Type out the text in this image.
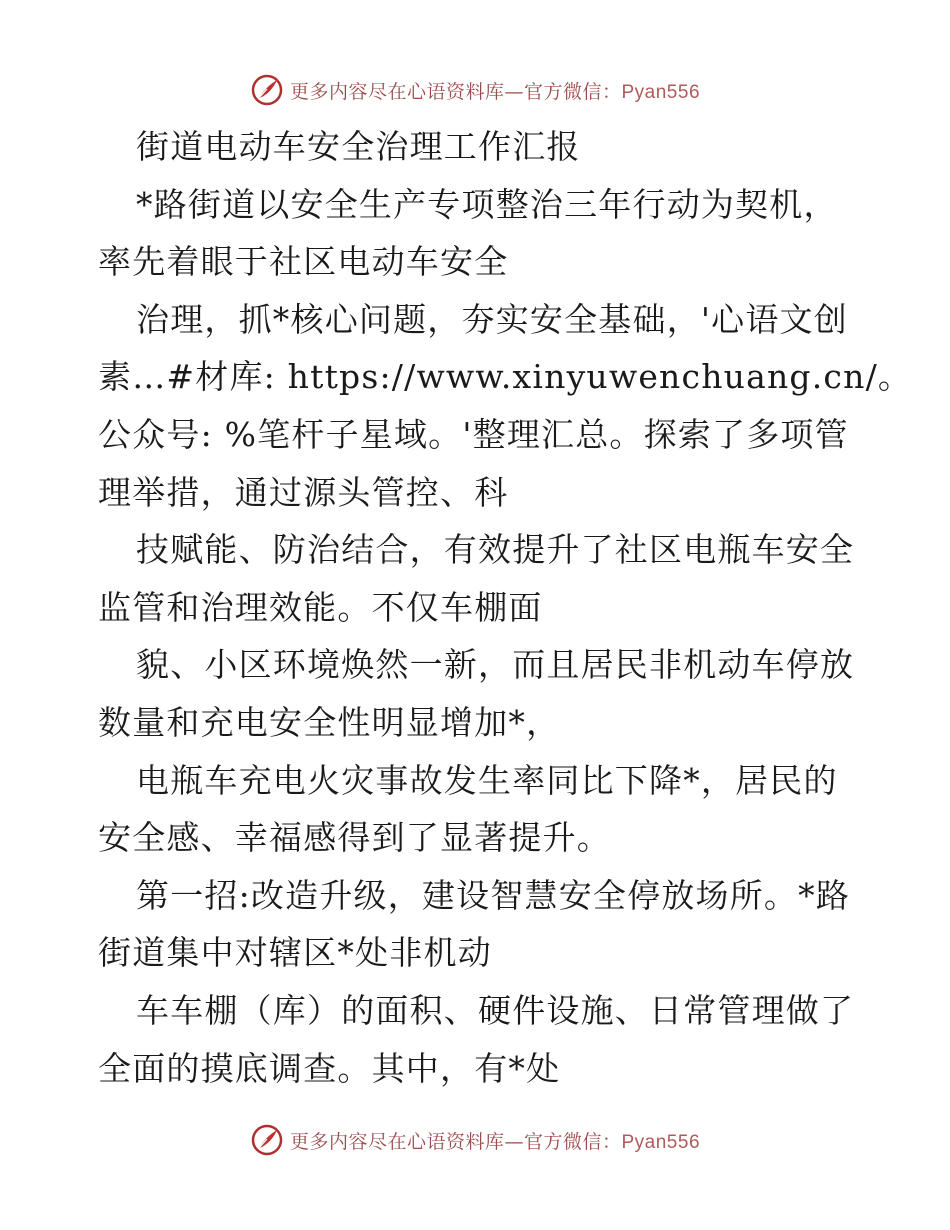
更多内容尽在心语资料库—官方微信：Pyan556
街道电动车安全治理工作汇报
*路街道以安全生产专项整治三年行动为契机，
率先着眼于社区电动车安全
治理，抓*核心问题，夯实安全基础，'心语文创
素…#材库: https://www.xinyuwenchuang.cn/。
公众号: %笔杆子星域。'整理汇总。探索了多项管
理举措，通过源头管控、科
技赋能、防治结合，有效提升了社区电瓶车安全
监管和治理效能。不仅车棚面
貌、小区环境焕然一新，而且居民非机动车停放
数量和充电安全性明显增加*，
电瓶车充电火灾事故发生率同比下降*，居民的
安全感、幸福感得到了显著提升。
第一招:改造升级，建设智慧安全停放场所。*路
街道集中对辖区*处非机动
车车棚（库）的面积、硬件设施、日常管理做了
全面的摸底调查。其中，有*处
更多内容尽在心语资料库—官方微信：Pyan556
